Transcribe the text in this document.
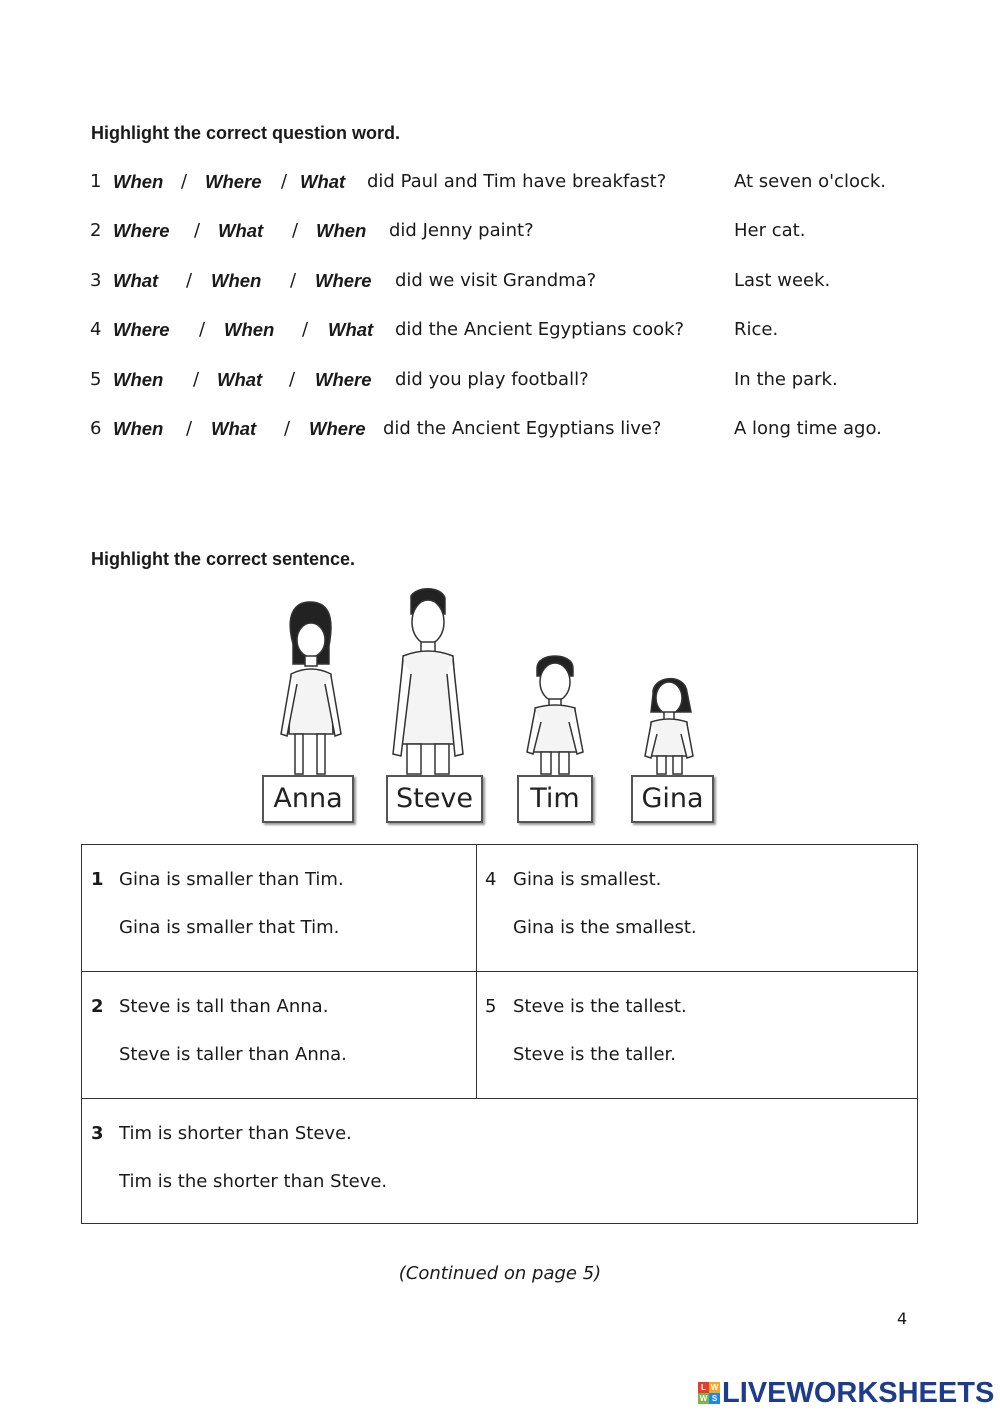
Highlight the correct question word.
1 When / Where / What did Paul and Tim have breakfast?	At seven o'clock.
2 Where / What / When did Jenny paint?	Her cat.
3 What / When / Where did we visit Grandma?	Last week.
4 Where / When / What did the Ancient Egyptians cook?	Rice.
5 When / What / Where did you play football?	In the park.
6 When / What / Where did the Ancient Egyptians live?	A long time ago.
Highlight the correct sentence.
Anna	Steve	Tim	Gina
1 Gina is smaller than Tim.
Gina is smaller that Tim.
4 Gina is smallest.
Gina is the smallest.
2 Steve is tall than Anna.
Steve is taller than Anna.
5 Steve is the tallest.
Steve is the taller.
3 Tim is shorter than Steve.
Tim is the shorter than Steve.
(Continued on page 5)
4
L W
W S LIVEWORKSHEETS
